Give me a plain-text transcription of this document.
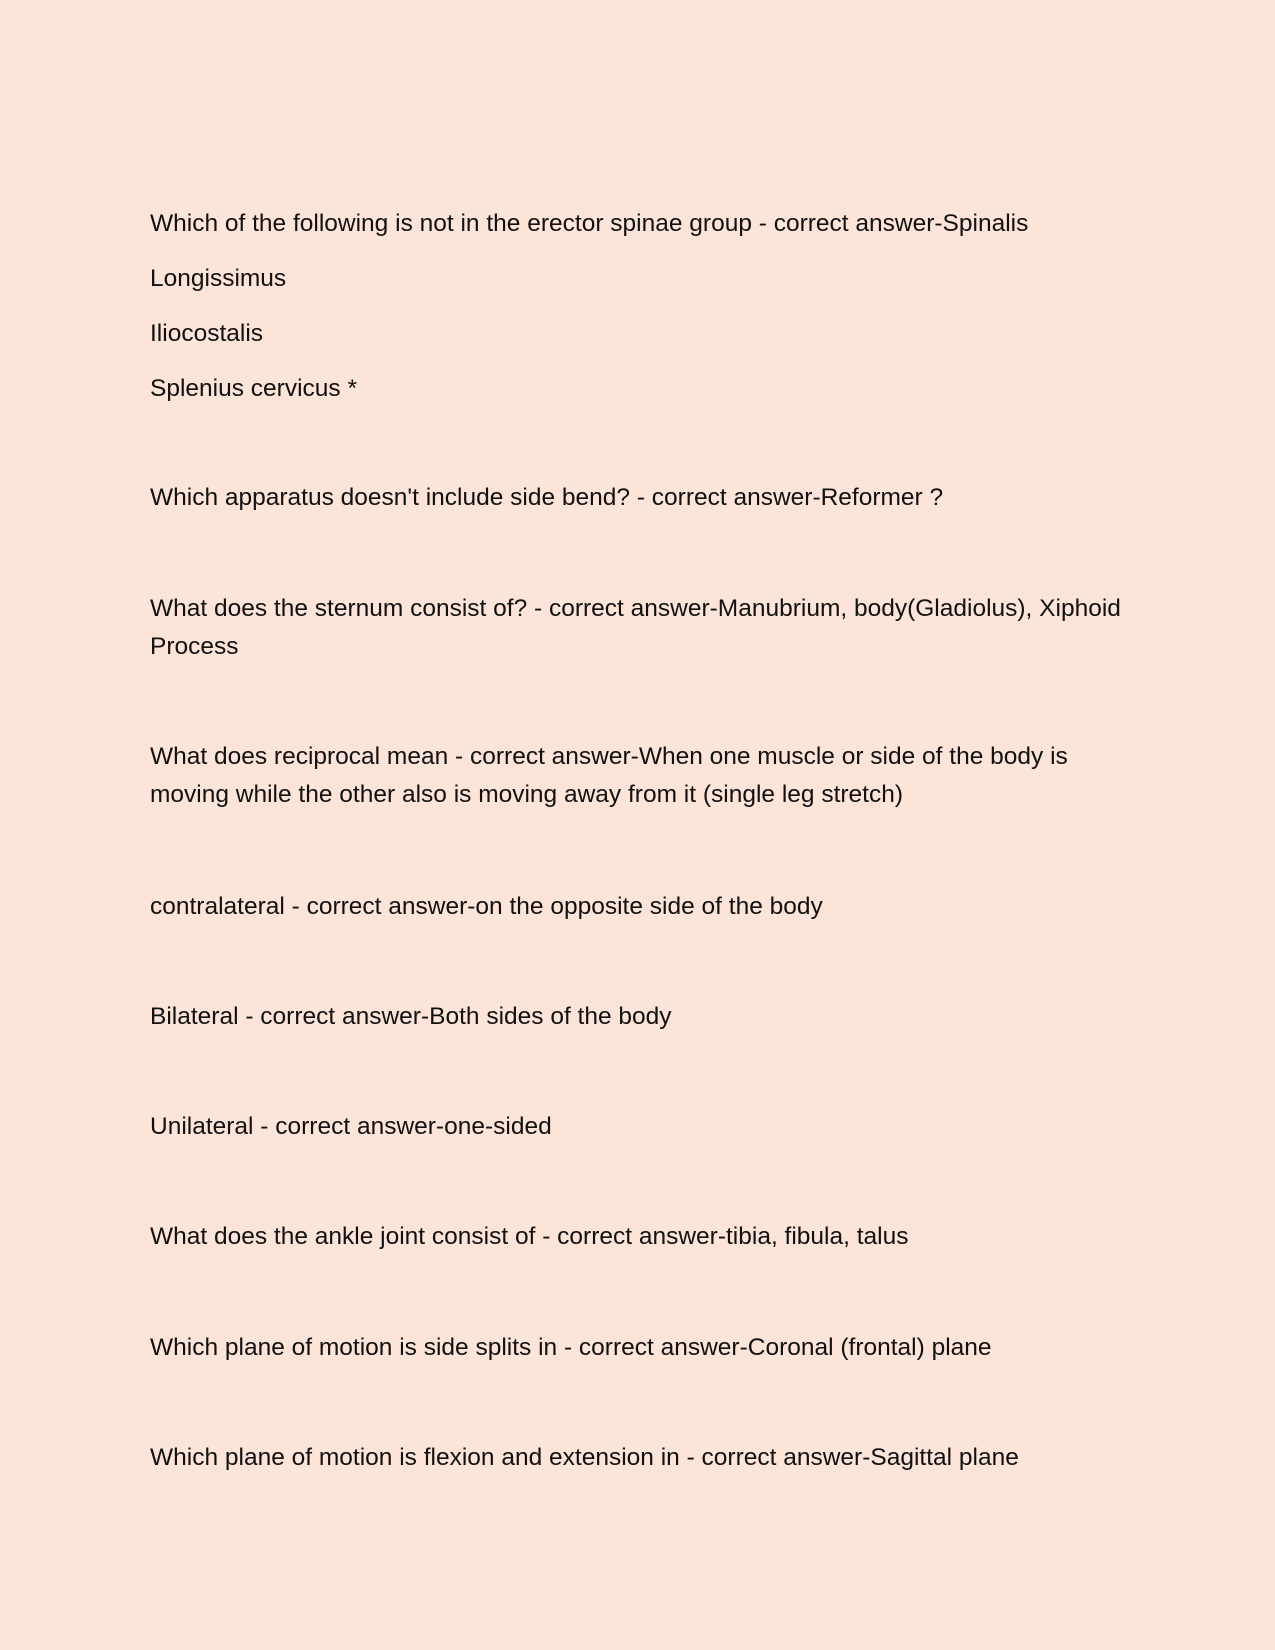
Which of the following is not in the erector spinae group - correct answer-Spinalis

Longissimus

Iliocostalis

Splenius cervicus *

Which apparatus doesn't include side bend? - correct answer-Reformer ?

What does the sternum consist of? - correct answer-Manubrium, body(Gladiolus), Xiphoid Process

What does reciprocal mean - correct answer-When one muscle or side of the body is moving while the other also is moving away from it (single leg stretch)

contralateral - correct answer-on the opposite side of the body

Bilateral - correct answer-Both sides of the body

Unilateral - correct answer-one-sided

What does the ankle joint consist of - correct answer-tibia, fibula, talus

Which plane of motion is side splits in - correct answer-Coronal (frontal) plane

Which plane of motion is flexion and extension in - correct answer-Sagittal plane
